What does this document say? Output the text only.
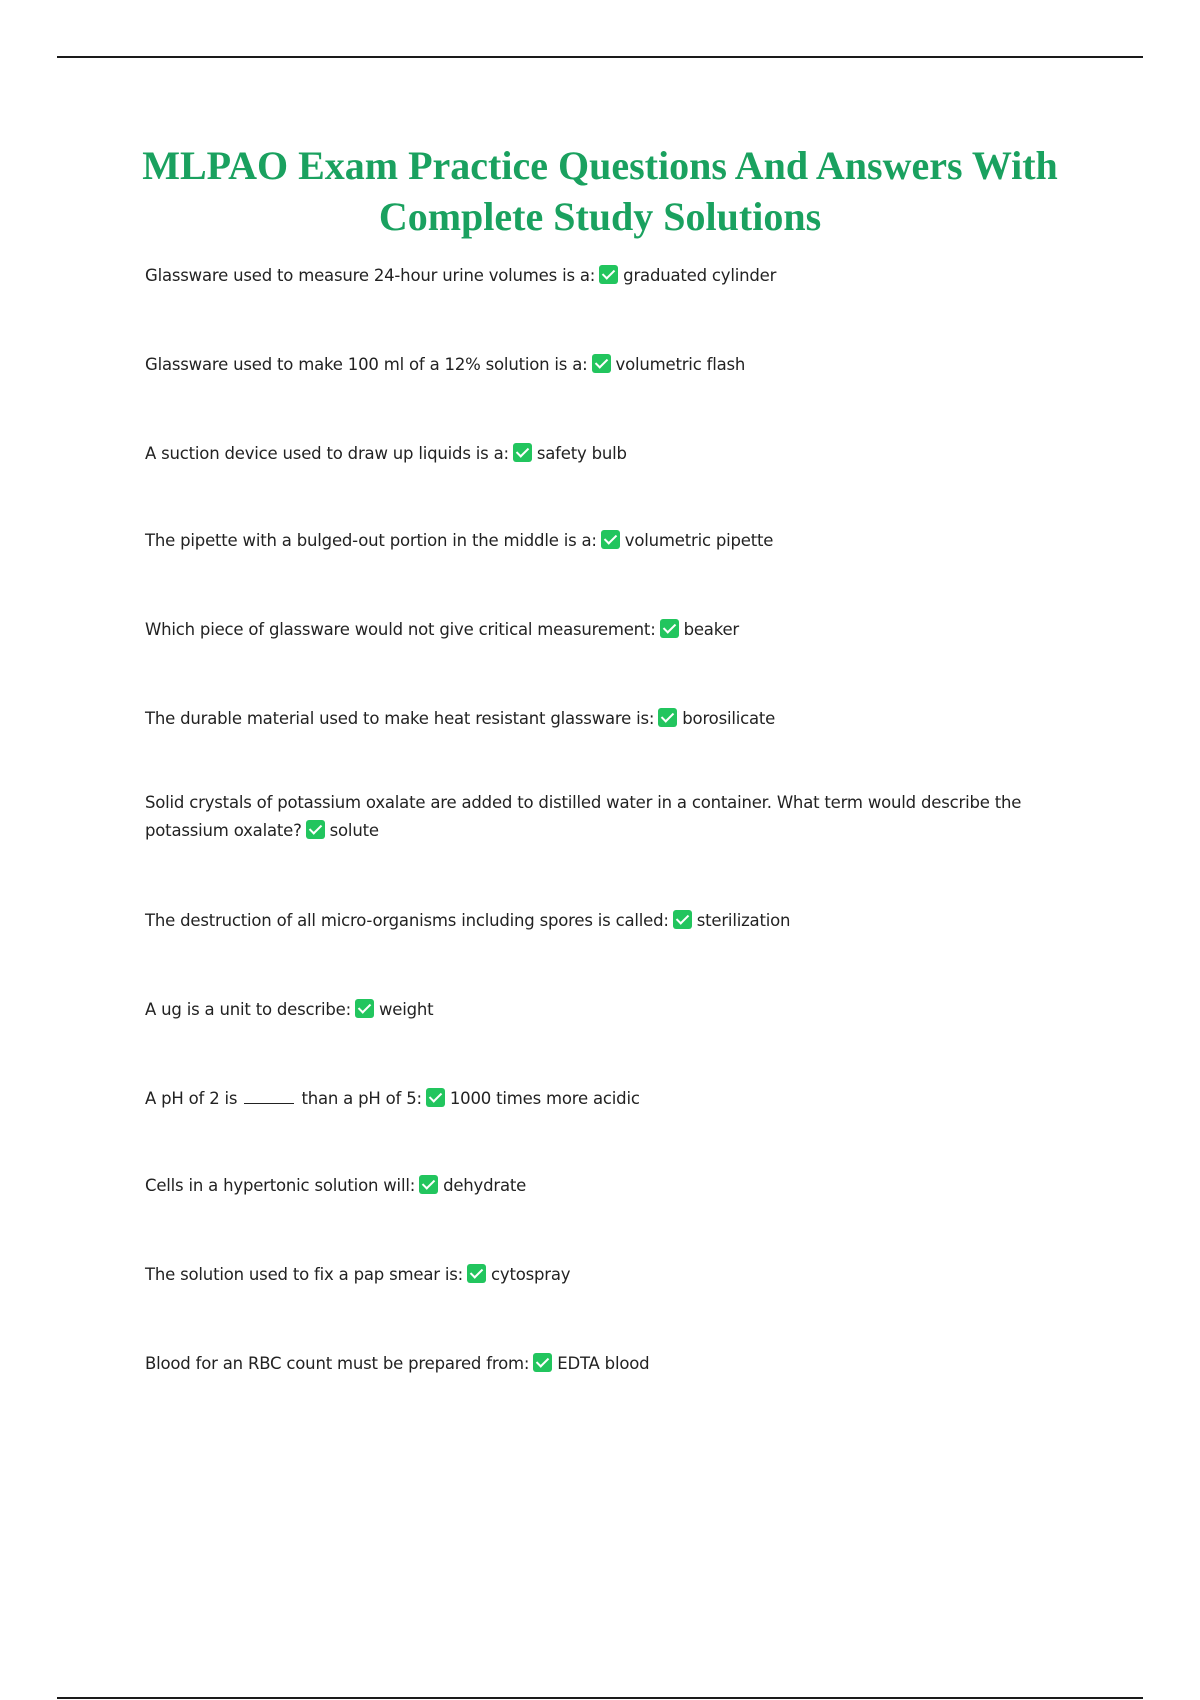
MLPAO Exam Practice Questions And Answers With Complete Study Solutions

Glassware used to measure 24-hour urine volumes is a: graduated cylinder

Glassware used to make 100 ml of a 12% solution is a: volumetric flash

A suction device used to draw up liquids is a: safety bulb

The pipette with a bulged-out portion in the middle is a: volumetric pipette

Which piece of glassware would not give critical measurement: beaker

The durable material used to make heat resistant glassware is: borosilicate

Solid crystals of potassium oxalate are added to distilled water in a container. What term would describe the potassium oxalate? solute

The destruction of all micro-organisms including spores is called: sterilization

A ug is a unit to describe: weight

A pH of 2 is	than a pH of 5: 1000 times more acidic

Cells in a hypertonic solution will: dehydrate

The solution used to fix a pap smear is: cytospray

Blood for an RBC count must be prepared from: EDTA blood
